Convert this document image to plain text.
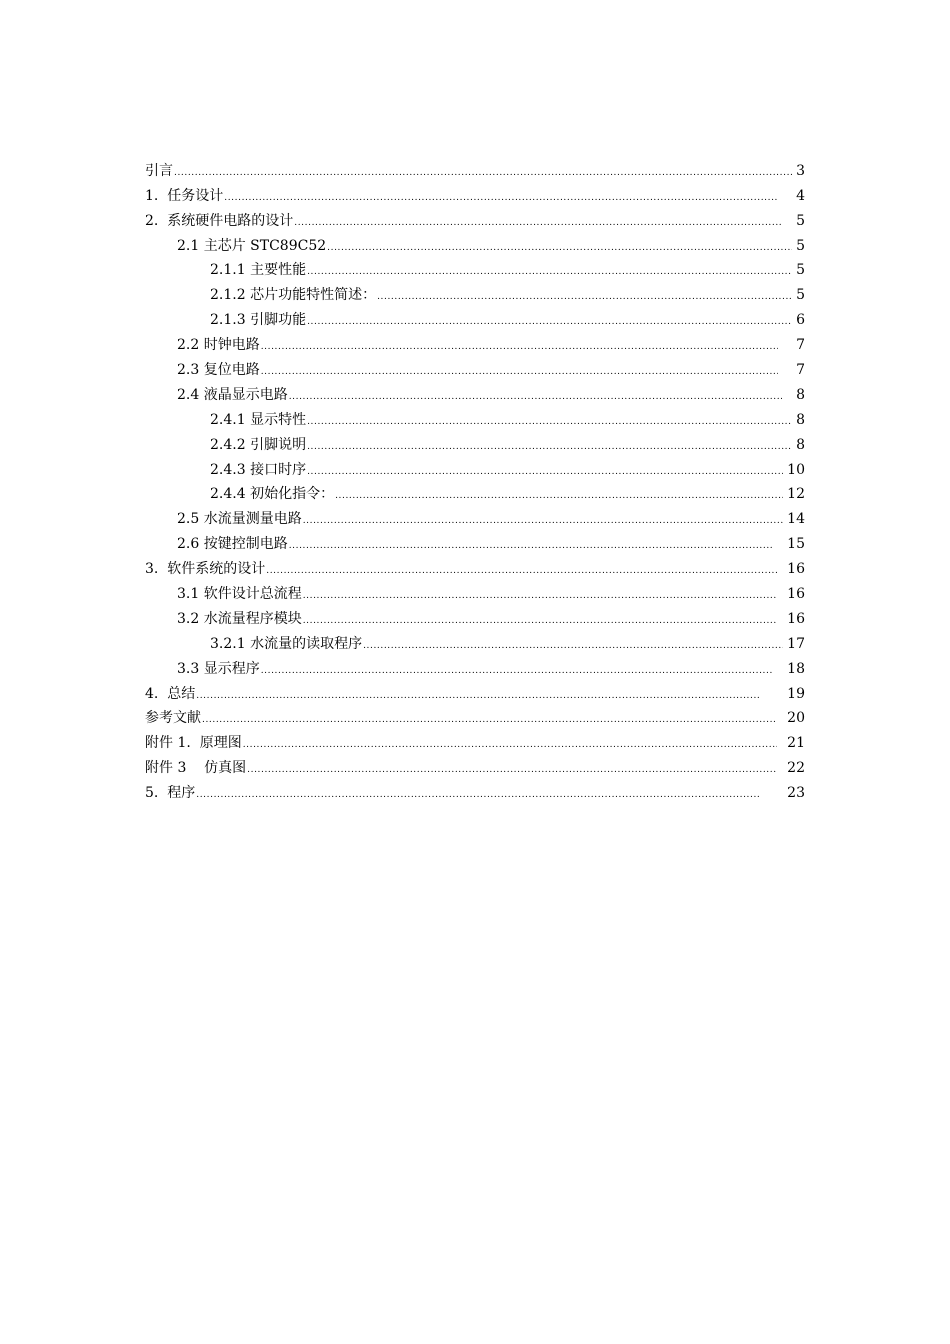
引言 .....	3
1.  任务设计 .....	4
2.  系统硬件电路的设计 .....	5
2.1 主芯片 STC89C52 .....	5
2.1.1 主要性能 .....	5
2.1.2 芯片功能特性简述： .....	5
2.1.3 引脚功能 .....	6
2.2 时钟电路 .....	7
2.3 复位电路 .....	7
2.4 液晶显示电路 .....	8
2.4.1 显示特性 .....	8
2.4.2 引脚说明 .....	8
2.4.3 接口时序 .....	10
2.4.4 初始化指令： .....	12
2.5 水流量测量电路 .....	14
2.6 按键控制电路 .....	15
3.  软件系统的设计 .....	16
3.1 软件设计总流程 .....	16
3.2 水流量程序模块 .....	16
3.2.1 水流量的读取程序 .....	17
3.3 显示程序 .....	18
4.  总结 .....	19
参考文献 .....	20
附件 1.  原理图 .....	21
附件 3    仿真图 .....	22
5.  程序 .....	23
